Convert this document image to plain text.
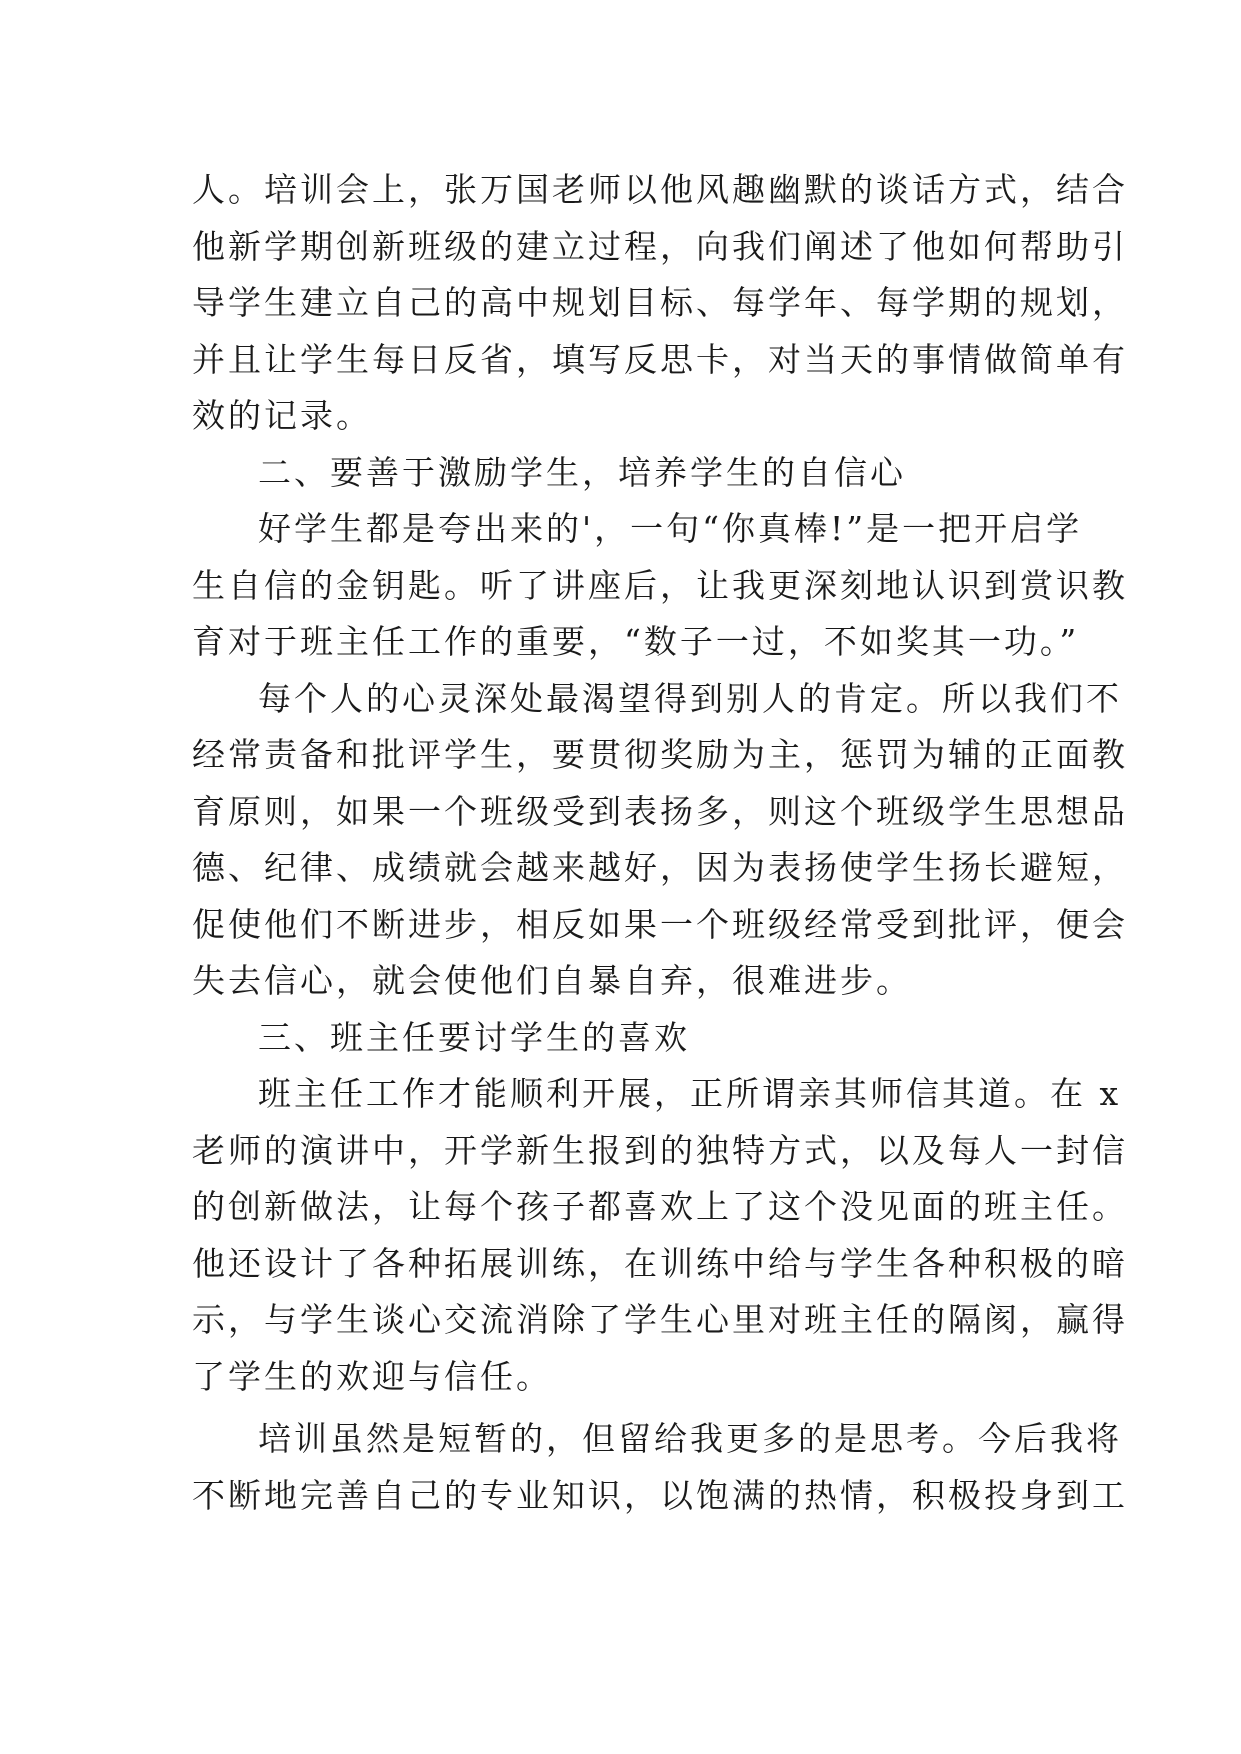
人。培训会上，张万国老师以他风趣幽默的谈话方式，结合
他新学期创新班级的建立过程，向我们阐述了他如何帮助引
导学生建立自己的高中规划目标、每学年、每学期的规划，
并且让学生每日反省，填写反思卡，对当天的事情做简单有
效的记录。
二、要善于激励学生，培养学生的自信心
好学生都是夸出来的'，一句“你真棒!”是一把开启学
生自信的金钥匙。听了讲座后，让我更深刻地认识到赏识教
育对于班主任工作的重要，“数子一过，不如奖其一功。”
每个人的心灵深处最渴望得到别人的肯定。所以我们不
经常责备和批评学生，要贯彻奖励为主，惩罚为辅的正面教
育原则，如果一个班级受到表扬多，则这个班级学生思想品
德、纪律、成绩就会越来越好，因为表扬使学生扬长避短，
促使他们不断进步，相反如果一个班级经常受到批评，便会
失去信心，就会使他们自暴自弃，很难进步。
三、班主任要讨学生的喜欢
班主任工作才能顺利开展，正所谓亲其师信其道。在 x
老师的演讲中，开学新生报到的独特方式，以及每人一封信
的创新做法，让每个孩子都喜欢上了这个没见面的班主任。
他还设计了各种拓展训练，在训练中给与学生各种积极的暗
示，与学生谈心交流消除了学生心里对班主任的隔阂，赢得
了学生的欢迎与信任。
培训虽然是短暂的，但留给我更多的是思考。今后我将
不断地完善自己的专业知识，以饱满的热情，积极投身到工
